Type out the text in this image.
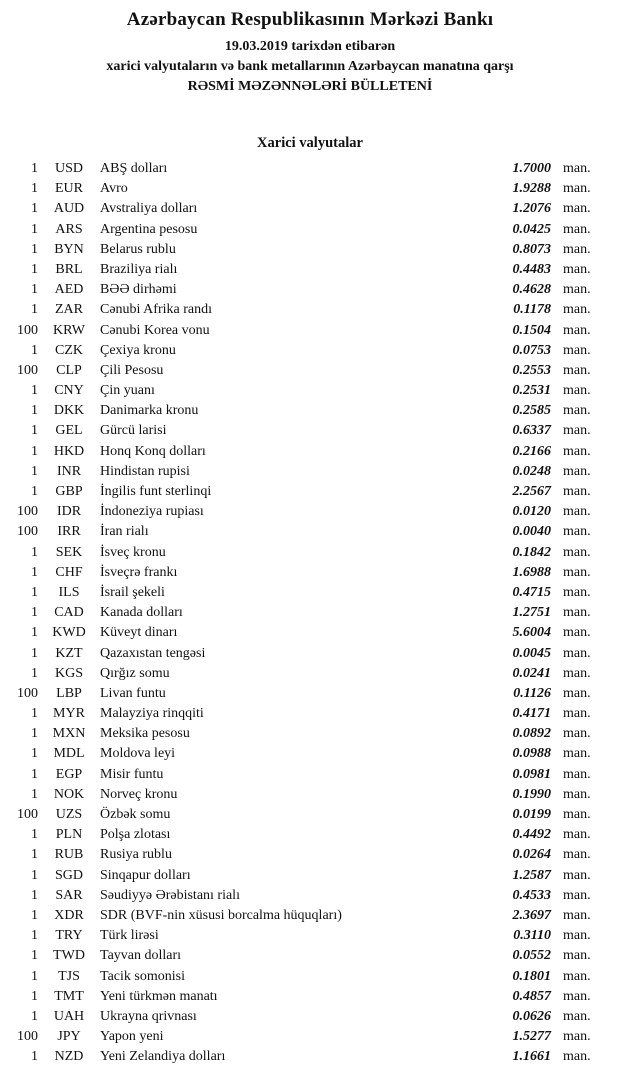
Azərbaycan Respublikasının Mərkəzi Bankı
19.03.2019 tarixdən etibarən
xarici valyutaların və bank metallarının Azərbaycan manatına qarşı
RƏSMİ MƏZƏNNƏLƏRİ BÜLLETENİ
Xarici valyutalar
1	USD	ABŞ dolları	1.7000 man.
1	EUR	Avro	1.9288 man.
1	AUD	Avstraliya dolları	1.2076 man.
1	ARS	Argentina pesosu	0.0425 man.
1	BYN	Belarus rublu	0.8073 man.
1	BRL	Braziliya rialı	0.4483 man.
1	AED	BƏƏ dirhəmi	0.4628 man.
1	ZAR	Cənubi Afrika randı	0.1178 man.
100	KRW	Cənubi Korea vonu	0.1504 man.
1	CZK	Çexiya kronu	0.0753 man.
100	CLP	Çili Pesosu	0.2553 man.
1	CNY	Çin yuanı	0.2531 man.
1	DKK	Danimarka kronu	0.2585 man.
1	GEL	Gürcü larisi	0.6337 man.
1	HKD	Honq Konq dolları	0.2166 man.
1	INR	Hindistan rupisi	0.0248 man.
1	GBP	İngilis funt sterlinqi	2.2567 man.
100	IDR	İndoneziya rupiası	0.0120 man.
100	IRR	İran rialı	0.0040 man.
1	SEK	İsveç kronu	0.1842 man.
1	CHF	İsveçrə frankı	1.6988 man.
1	ILS	İsrail şekeli	0.4715 man.
1	CAD	Kanada dolları	1.2751 man.
1	KWD	Küveyt dinarı	5.6004 man.
1	KZT	Qazaxıstan tengəsi	0.0045 man.
1	KGS	Qırğız somu	0.0241 man.
100	LBP	Livan funtu	0.1126 man.
1	MYR	Malayziya rinqqiti	0.4171 man.
1	MXN	Meksika pesosu	0.0892 man.
1	MDL	Moldova leyi	0.0988 man.
1	EGP	Misir funtu	0.0981 man.
1	NOK	Norveç kronu	0.1990 man.
100	UZS	Özbək somu	0.0199 man.
1	PLN	Polşa zlotası	0.4492 man.
1	RUB	Rusiya rublu	0.0264 man.
1	SGD	Sinqapur dolları	1.2587 man.
1	SAR	Səudiyyə Ərəbistanı rialı	0.4533 man.
1	XDR	SDR (BVF-nin xüsusi borcalma hüquqları)	2.3697 man.
1	TRY	Türk lirəsi	0.3110 man.
1	TWD	Tayvan dolları	0.0552 man.
1	TJS	Tacik somonisi	0.1801 man.
1	TMT	Yeni türkmən manatı	0.4857 man.
1	UAH	Ukrayna qrivnası	0.0626 man.
100	JPY	Yapon yeni	1.5277 man.
1	NZD	Yeni Zelandiya dolları	1.1661 man.
